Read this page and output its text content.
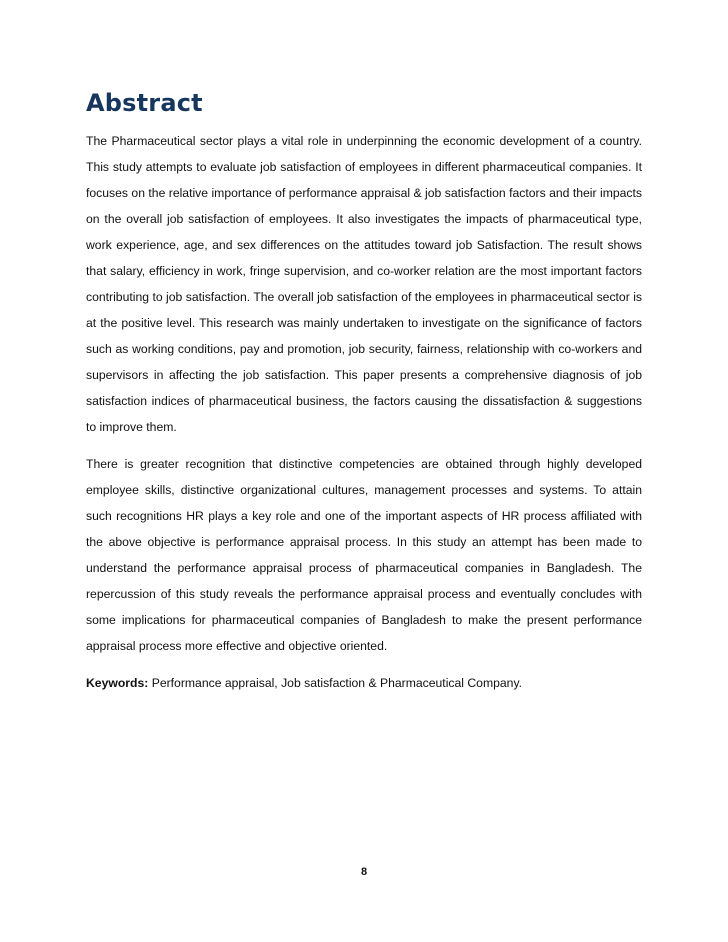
Abstract

The Pharmaceutical sector plays a vital role in underpinning the economic development of a country. This study attempts to evaluate job satisfaction of employees in different pharmaceutical companies. It focuses on the relative importance of performance appraisal & job satisfaction factors and their impacts on the overall job satisfaction of employees. It also investigates the impacts of pharmaceutical type, work experience, age, and sex differences on the attitudes toward job Satisfaction. The result shows that salary, efficiency in work, fringe supervision, and co-worker relation are the most important factors contributing to job satisfaction. The overall job satisfaction of the employees in pharmaceutical sector is at the positive level. This research was mainly undertaken to investigate on the significance of factors such as working conditions, pay and promotion, job security, fairness, relationship with co-workers and supervisors in affecting the job satisfaction. This paper presents a comprehensive diagnosis of job satisfaction indices of pharmaceutical business, the factors causing the dissatisfaction & suggestions to improve them.

There is greater recognition that distinctive competencies are obtained through highly developed employee skills, distinctive organizational cultures, management processes and systems. To attain such recognitions HR plays a key role and one of the important aspects of HR process affiliated with the above objective is performance appraisal process. In this study an attempt has been made to understand the performance appraisal process of pharmaceutical companies in Bangladesh. The repercussion of this study reveals the performance appraisal process and eventually concludes with some implications for pharmaceutical companies of Bangladesh to make the present performance appraisal process more effective and objective oriented.

Keywords: Performance appraisal, Job satisfaction & Pharmaceutical Company.

8
